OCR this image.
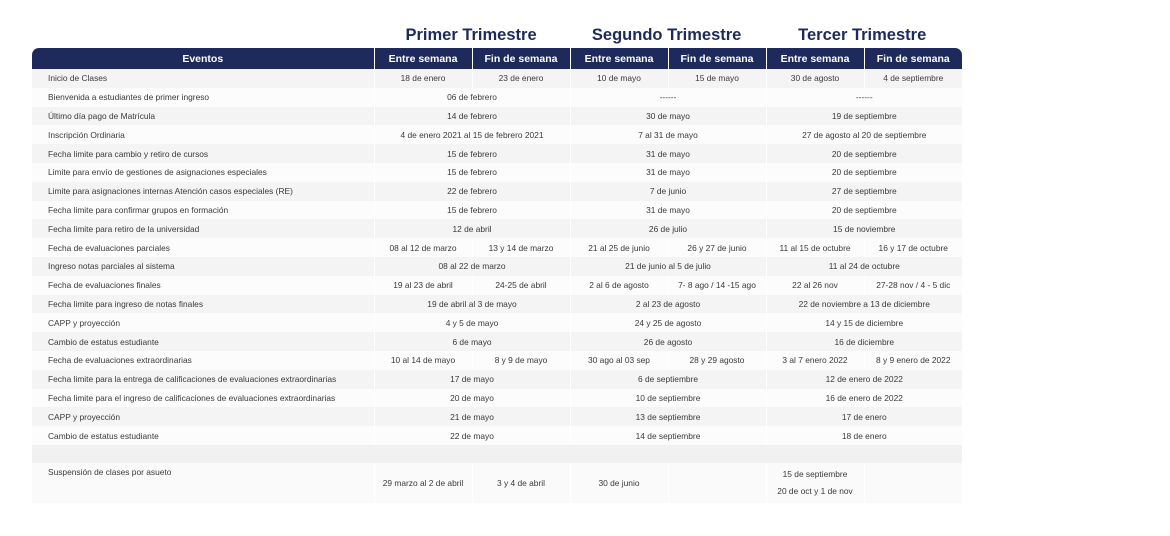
Primer Trimestre	Segundo Trimestre	Tercer Trimestre
Eventos	Entre semana	Fin de semana	Entre semana	Fin de semana	Entre semana	Fin de semana
Inicio de Clases	18 de enero	23 de enero	10 de mayo	15 de mayo	30 de agosto	4 de septiembre
Bienvenida a estudiantes de primer ingreso	06 de febrero		------		------	
Último día pago de Matrícula	14 de febrero		30 de mayo		19 de septiembre	
Inscripción Ordinaria	4 de enero 2021 al 15 de febrero 2021		7 al 31 de mayo		27 de agosto al 20 de septiembre	
Fecha limite para cambio y retiro de cursos	15 de febrero		31 de mayo		20 de septiembre	
Limite para envío de gestiones de asignaciones especiales	15 de febrero		31 de mayo		20 de septiembre	
Limite para asignaciones internas Atención casos especiales (RE)	22 de febrero		7 de junio		27 de septiembre	
Fecha limite para confirmar grupos en formación	15 de febrero		31 de mayo		20 de septiembre	
Fecha limite para retiro de la universidad	12 de abril		26 de julio		15 de noviembre	
Fecha de evaluaciones parciales	08 al 12 de marzo	13 y 14 de marzo	21 al 25 de junio	26 y 27 de junio	11 al 15 de octubre	16 y 17 de octubre
Ingreso notas parciales al sistema	08 al 22 de marzo		21 de junio al 5 de julio		11 al 24 de octubre	
Fecha de evaluaciones finales	19 al 23 de abril	24-25 de abril	2 al 6 de agosto	7- 8 ago / 14 -15 ago	22 al 26 nov	27-28 nov / 4 - 5 dic
Fecha limite para ingreso de notas finales	19 de abril al 3 de mayo		2 al 23 de agosto		22 de noviembre a 13 de diciembre	
CAPP y proyección	4 y 5 de mayo		24 y 25 de agosto		14 y 15 de diciembre	
Cambio de estatus estudiante	6 de mayo		26 de agosto		16 de diciembre	
Fecha de evaluaciones extraordinarias	10 al 14 de mayo	8 y 9 de mayo	30 ago al 03 sep	28 y 29 agosto	3 al 7 enero 2022	8 y 9 enero de 2022
Fecha limite para la entrega de calificaciones de evaluaciones extraordinarias	17 de mayo		6 de septiembre		12 de enero de 2022	
Fecha limite para el ingreso de calificaciones de evaluaciones extraordinarias	20 de mayo		10 de septiembre		16 de enero de 2022	
CAPP y proyección	21 de mayo		13 de septiembre		17 de enero	
Cambio de estatus estudiante	22 de mayo		14 de septiembre		18 de enero	

Suspensión de clases por asueto	29 marzo al 2 de abril	3 y 4 de abril	30 de junio		15 de septiembre
20 de oct y 1 de nov	
